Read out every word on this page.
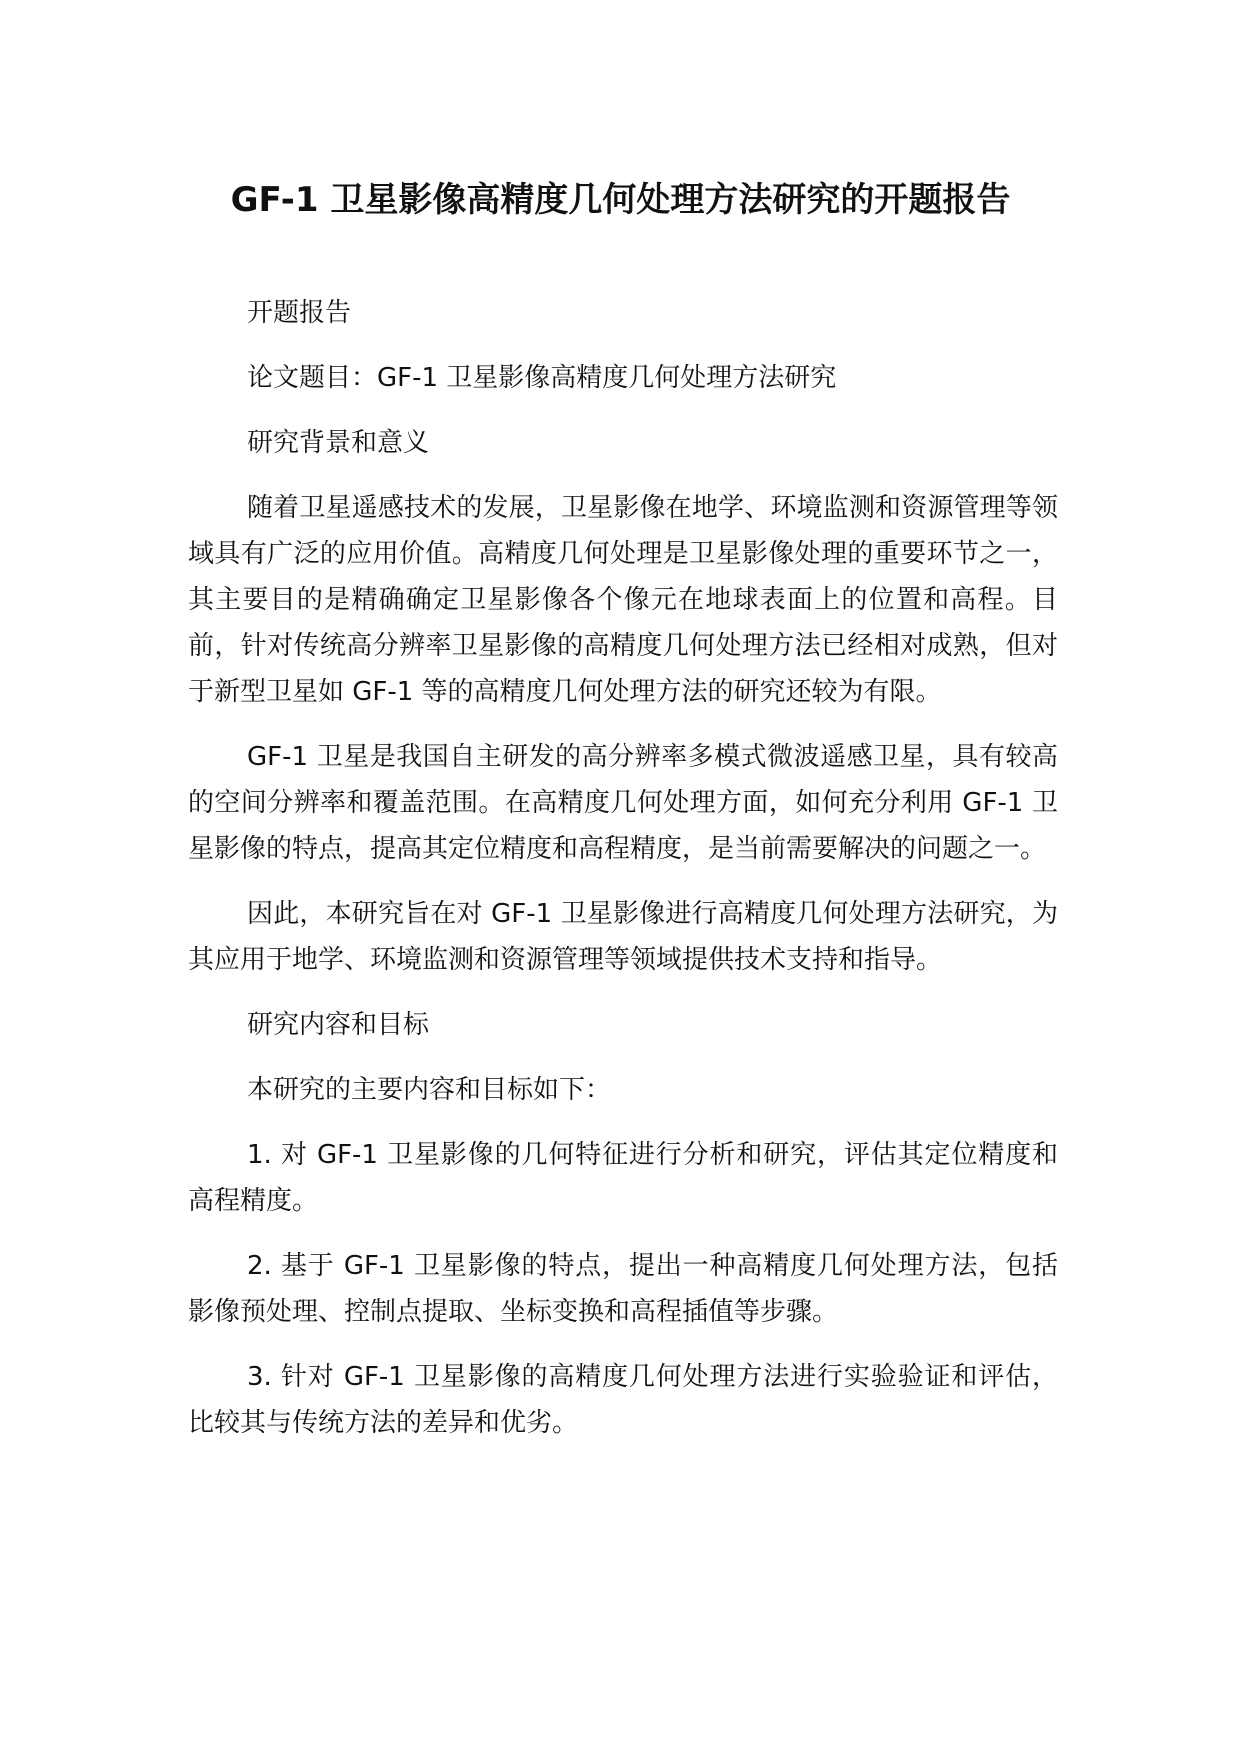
GF-1 卫星影像高精度几何处理方法研究的开题报告

开题报告

论文题目：GF-1 卫星影像高精度几何处理方法研究

研究背景和意义

随着卫星遥感技术的发展，卫星影像在地学、环境监测和资源管理等领域具有广泛的应用价值。高精度几何处理是卫星影像处理的重要环节之一，其主要目的是精确确定卫星影像各个像元在地球表面上的位置和高程。目前，针对传统高分辨率卫星影像的高精度几何处理方法已经相对成熟，但对于新型卫星如 GF-1 等的高精度几何处理方法的研究还较为有限。

GF-1 卫星是我国自主研发的高分辨率多模式微波遥感卫星，具有较高的空间分辨率和覆盖范围。在高精度几何处理方面，如何充分利用 GF-1 卫星影像的特点，提高其定位精度和高程精度，是当前需要解决的问题之一。

因此，本研究旨在对 GF-1 卫星影像进行高精度几何处理方法研究，为其应用于地学、环境监测和资源管理等领域提供技术支持和指导。

研究内容和目标

本研究的主要内容和目标如下：

1. 对 GF-1 卫星影像的几何特征进行分析和研究，评估其定位精度和高程精度。

2. 基于 GF-1 卫星影像的特点，提出一种高精度几何处理方法，包括影像预处理、控制点提取、坐标变换和高程插值等步骤。

3. 针对 GF-1 卫星影像的高精度几何处理方法进行实验验证和评估，比较其与传统方法的差异和优劣。
